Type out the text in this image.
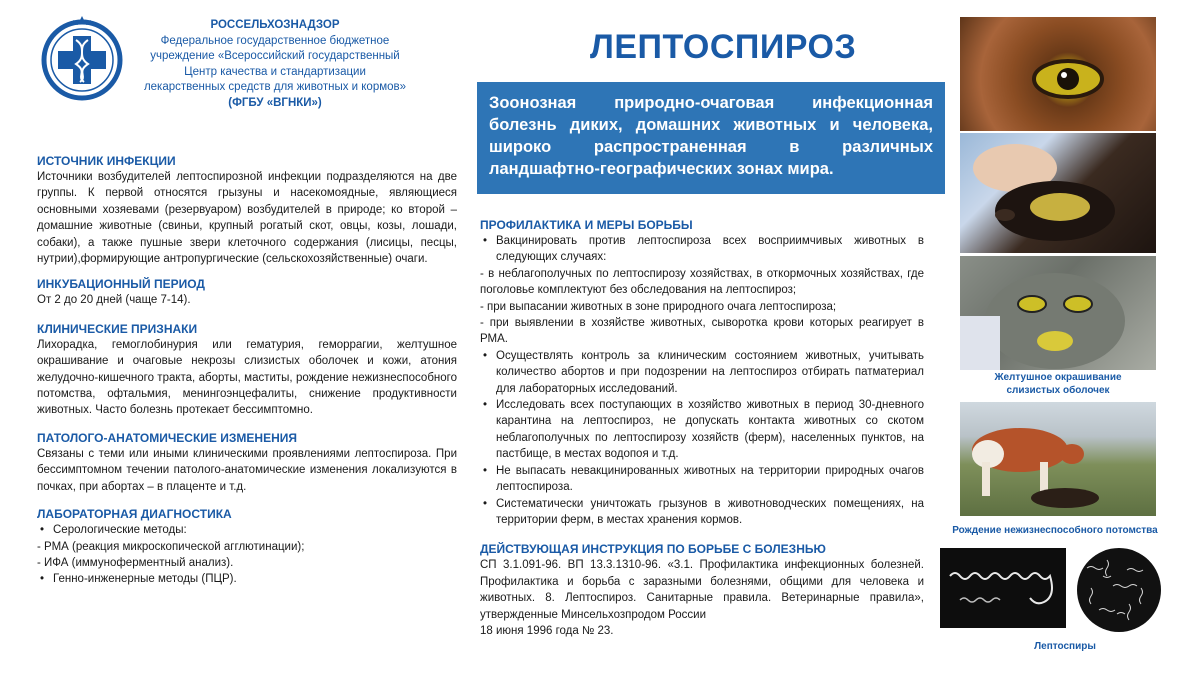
РОССЕЛЬХОЗНАДЗОР
Федеральное государственное бюджетное
учреждение «Всероссийский государственный
Центр качества и стандартизации
лекарственных средств для животных и кормов»
(ФГБУ «ВГНКИ»)
ЛЕПТОСПИРОЗ
Зоонозная природно-очаговая инфекционная болезнь диких, домашних животных и человека, широко распространенная в различных ландшафтно-географических зонах мира.

ИСТОЧНИК ИНФЕКЦИИ

Источники возбудителей лептоспирозной инфекции подразделяются на две группы. К первой относятся грызуны и насекомоядные, являющиеся основными хозяевами (резервуаром) возбудителей в природе; ко второй – домашние животные (свиньи, крупный рогатый скот, овцы, козы, лошади, собаки), а также пушные звери клеточного содержания (лисицы, песцы, нутрии),формирующие антропургические (сельскохозяйственные) очаги.

ИНКУБАЦИОННЫЙ ПЕРИОД

От 2 до 20 дней (чаще 7-14).

КЛИНИЧЕСКИЕ ПРИЗНАКИ

Лихорадка, гемоглобинурия или гематурия, геморрагии, желтушное окрашивание и очаговые некрозы слизистых оболочек и кожи, атония желудочно-кишечного тракта, аборты, маститы, рождение нежизнеспособного потомства, офтальмия, менингоэнцефалиты, снижение продуктивности животных. Часто болезнь протекает бессимптомно.

ПАТОЛОГО-АНАТОМИЧЕСКИЕ ИЗМЕНЕНИЯ

Связаны с теми или иными клиническими проявлениями лептоспироза. При бессимптомном течении патолого-анатомические изменения локализуются в почках, при абортах – в плаценте и т.д.

ЛАБОРАТОРНАЯ ДИАГНОСТИКА

• Серологические методы:
- РМА (реакция микроскопической агглютинации);
- ИФА (иммуноферментный анализ).
• Генно-инженерные методы (ПЦР).

ПРОФИЛАКТИКА И МЕРЫ БОРЬБЫ

• Вакцинировать против лептоспироза всех восприимчивых животных в следующих случаях:
- в неблагополучных по лептоспирозу хозяйствах, в откормочных хозяйствах, где поголовье комплектуют без обследования на лептоспироз;
- при выпасании животных в зоне природного очага лептоспироза;
- при выявлении в хозяйстве животных, сыворотка крови которых реагирует в РМА.
• Осуществлять контроль за клиническим состоянием животных, учитывать количество абортов и при подозрении на лептоспироз отбирать патматериал для лабораторных исследований.
• Исследовать всех поступающих в хозяйство животных в период 30-дневного карантина на лептоспироз, не допускать контакта животных со скотом неблагополучных по лептоспирозу хозяйств (ферм), населенных пунктов, на пастбище, в местах водопоя и т.д.
• Не выпасать невакцинированных животных на территории природных очагов лептоспироза.
• Систематически уничтожать грызунов в животноводческих помещениях, на территории ферм, в местах хранения кормов.

ДЕЙСТВУЮЩАЯ ИНСТРУКЦИЯ ПО БОРЬБЕ С БОЛЕЗНЬЮ

СП 3.1.091-96. ВП 13.3.1310-96. «3.1. Профилактика инфекционных болезней. Профилактика и борьба с заразными болезнями, общими для человека и животных. 8. Лептоспироз. Санитарные правила. Ветеринарные правила», утвержденные Минсельхозпродом России

18 июня 1996 года № 23.

Желтушное окрашивание слизистых оболочек
Рождение нежизнеспособного потомства
Лептоспиры
